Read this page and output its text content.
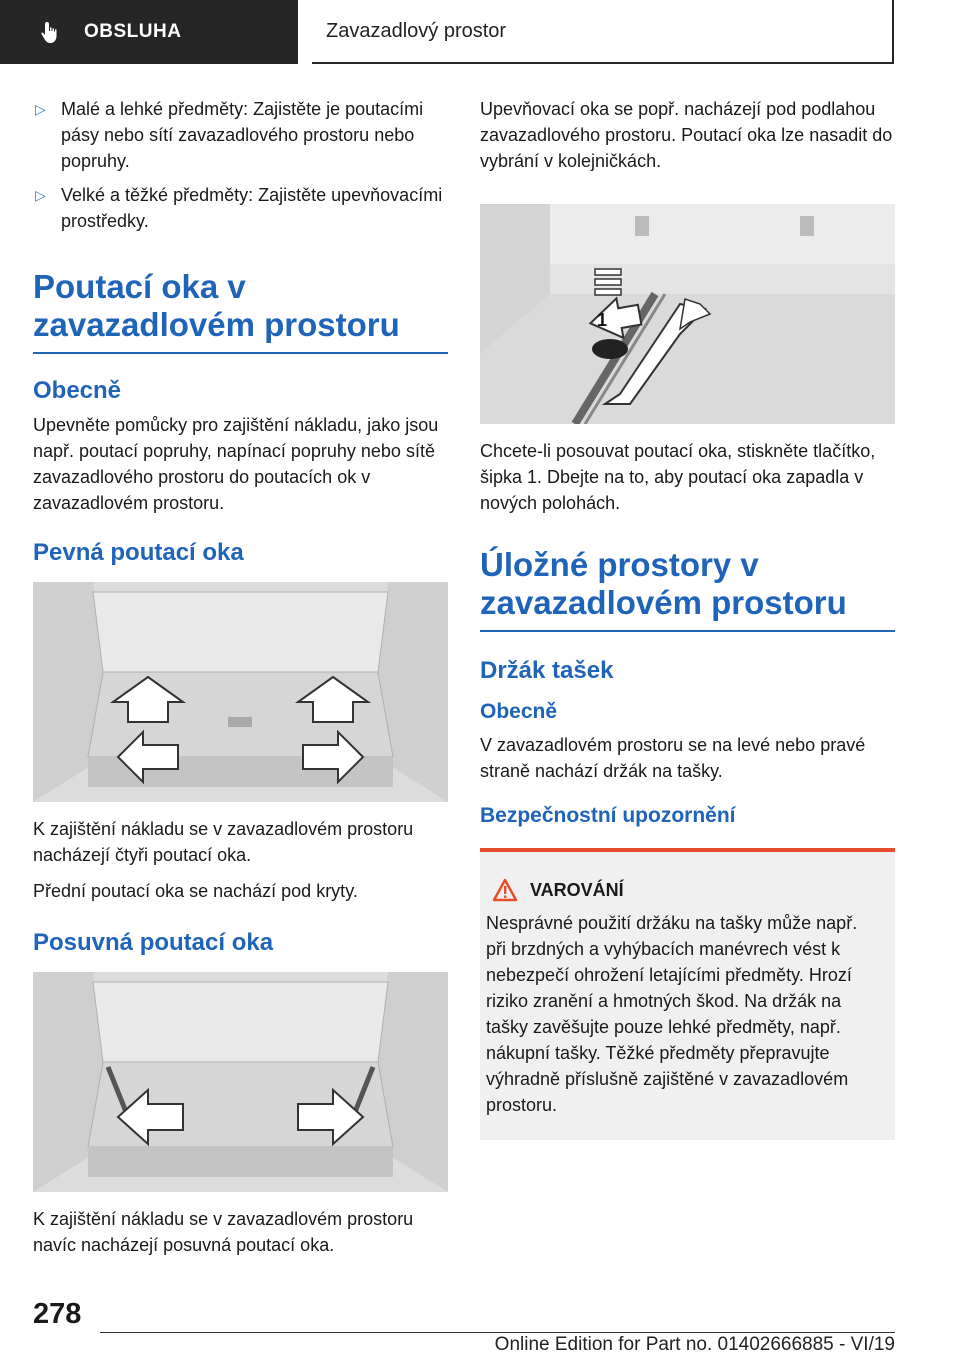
OBSLUHA	Zavazadlový prostor
▷ Malé a lehké předměty: Zajistěte je poutacími pásy nebo sítí zavazadlového prostoru nebo popruhy.
▷ Velké a těžké předměty: Zajistěte upevňovacími prostředky.
Poutací oka v zavazadlovém prostoru
Obecně

Upevněte pomůcky pro zajištění nákladu, jako jsou např. poutací popruhy, napínací popruhy nebo sítě zavazadlového prostoru do poutacích ok v zavazadlovém prostoru.

Pevná poutací oka

K zajištění nákladu se v zavazadlovém prostoru nacházejí čtyři poutací oka.

Přední poutací oka se nachází pod kryty.

Posuvná poutací oka

K zajištění nákladu se v zavazadlovém prostoru navíc nacházejí posuvná poutací oka.

Upevňovací oka se popř. nacházejí pod podlahou zavazadlového prostoru. Poutací oka lze nasadit do vybrání v kolejničkách.

1

Chcete-li posouvat poutací oka, stiskněte tlačítko, šipka 1. Dbejte na to, aby poutací oka zapadla v nových polohách.

Úložné prostory v zavazadlovém prostoru
Držák tašek
Obecně

V zavazadlovém prostoru se na levé nebo pravé straně nachází držák na tašky.

Bezpečnostní upozornění
VAROVÁNÍ

Nesprávné použití držáku na tašky může např. při brzdných a vyhýbacích manévrech vést k nebezpečí ohrožení letajícími předměty. Hrozí riziko zranění a hmotných škod. Na držák na tašky zavěšujte pouze lehké předměty, např. nákupní tašky. Těžké předměty přepravujte výhradně příslušně zajištěné v zavazadlovém prostoru.

278
Online Edition for Part no. 01402666885 - VI/19
